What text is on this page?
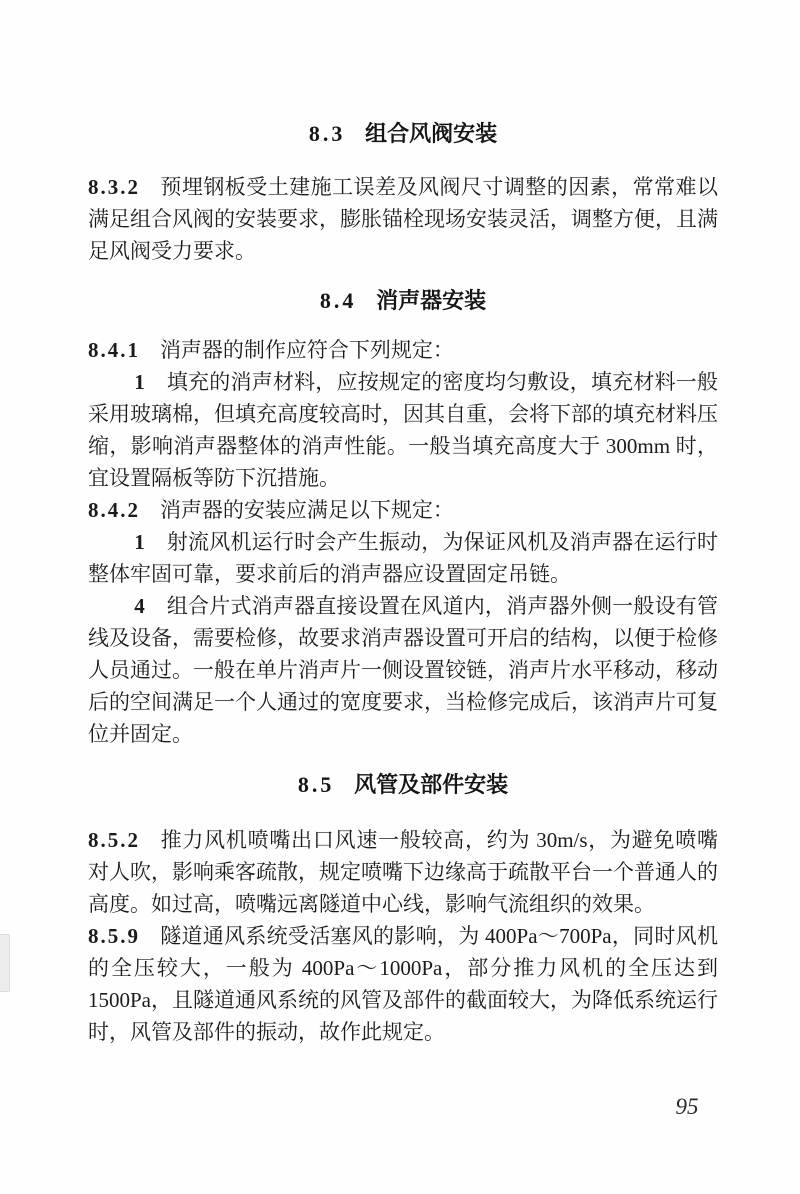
8.3 组合风阀安装

8.3.2 预埋钢板受土建施工误差及风阀尺寸调整的因素，常常难以满足组合风阀的安装要求，膨胀锚栓现场安装灵活，调整方便，且满足风阀受力要求。

8.4 消声器安装

8.4.1 消声器的制作应符合下列规定：

1 填充的消声材料，应按规定的密度均匀敷设，填充材料一般采用玻璃棉，但填充高度较高时，因其自重，会将下部的填充材料压缩，影响消声器整体的消声性能。一般当填充高度大于 300mm 时，宜设置隔板等防下沉措施。

8.4.2 消声器的安装应满足以下规定：

1 射流风机运行时会产生振动，为保证风机及消声器在运行时整体牢固可靠，要求前后的消声器应设置固定吊链。

4 组合片式消声器直接设置在风道内，消声器外侧一般设有管线及设备，需要检修，故要求消声器设置可开启的结构，以便于检修人员通过。一般在单片消声片一侧设置铰链，消声片水平移动，移动后的空间满足一个人通过的宽度要求，当检修完成后，该消声片可复位并固定。

8.5 风管及部件安装

8.5.2 推力风机喷嘴出口风速一般较高，约为 30m/s，为避免喷嘴对人吹，影响乘客疏散，规定喷嘴下边缘高于疏散平台一个普通人的高度。如过高，喷嘴远离隧道中心线，影响气流组织的效果。

8.5.9 隧道通风系统受活塞风的影响，为 400Pa～700Pa，同时风机的全压较大，一般为 400Pa～1000Pa，部分推力风机的全压达到 1500Pa，且隧道通风系统的风管及部件的截面较大，为降低系统运行时，风管及部件的振动，故作此规定。

95
